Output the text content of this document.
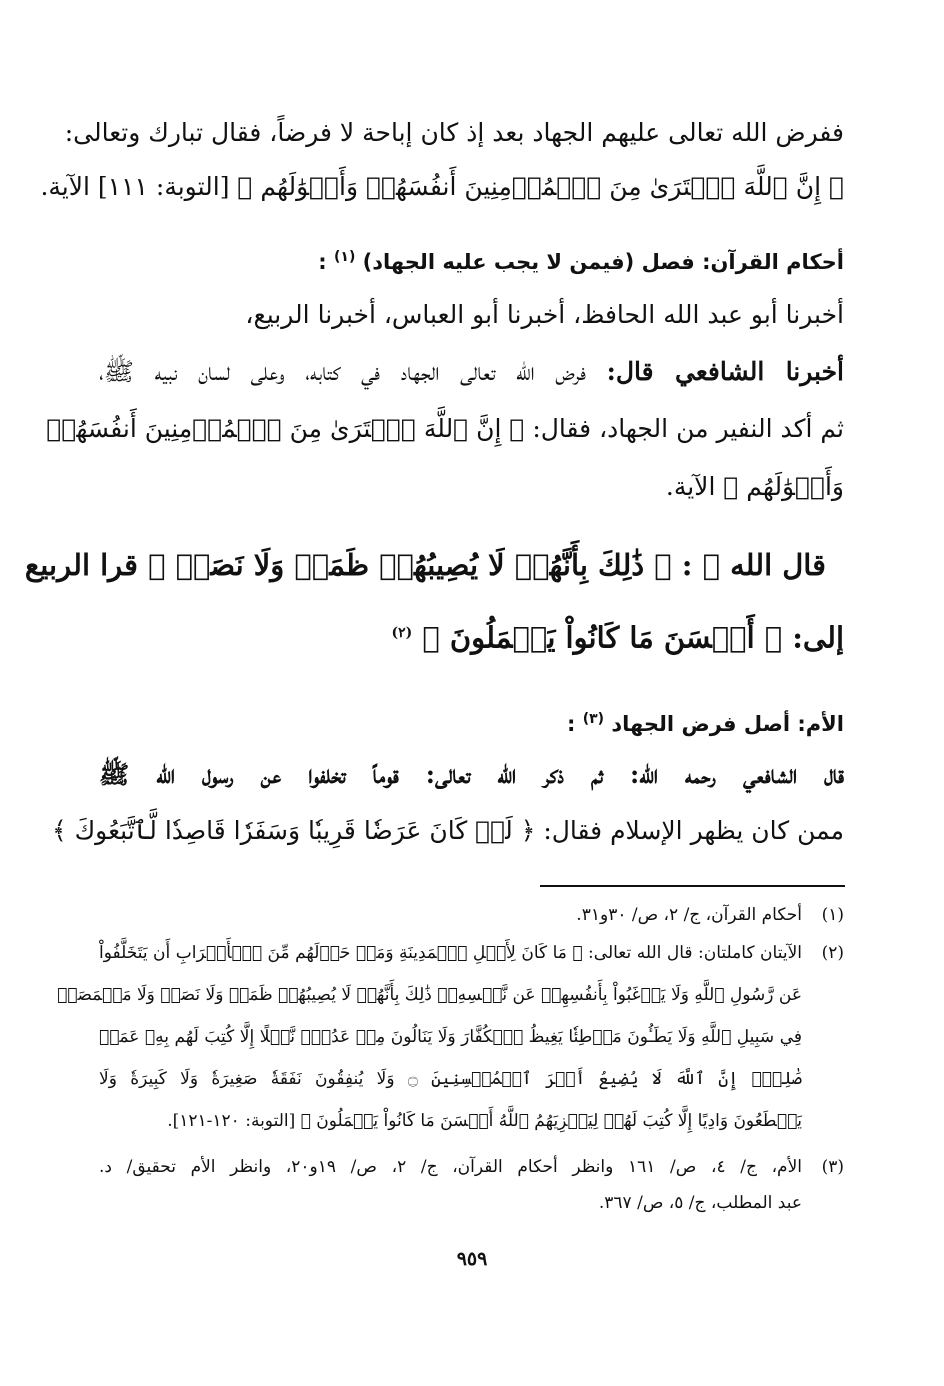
ففرض الله تعالى عليهم الجهاد بعد إذ كان إباحة لا فرضاً، فقال تبارك وتعالى:
﴿ إِنَّ ٱللَّهَ ٱشۡتَرَىٰ مِنَ ٱلۡمُؤۡمِنِينَ أَنفُسَهُمۡ وَأَمۡوَٰلَهُم ﴾ [التوبة: ١١١] الآية.
أحكام القرآن: فصل (فيمن لا يجب عليه الجهاد) $^{(١)}$ :
أخبرنا أبو عبد الله الحافظ، أخبرنا أبو العباس، أخبرنا الربيع،
أخبرنا الشافعي قال: فرض الله تعالى الجهاد في كتابه، وعلى لسان نبيه ﷺ،
ثم أكد النفير من الجهاد، فقال: ﴿ إِنَّ ٱللَّهَ ٱشۡتَرَىٰ مِنَ ٱلۡمُؤۡمِنِينَ أَنفُسَهُمۡ
وَأَمۡوَٰلَهُم ﴾ الآية.
قال الله ﷻ : ﴿ ذَٰلِكَ بِأَنَّهُمۡ لَا يُصِيبُهُمۡ ظَمَأٞ وَلَا نَصَبٞ ﴾ قرا الربيع
إلى: ﴿ أَحۡسَنَ مَا كَانُواْ يَعۡمَلُونَ ﴾ $^{(٢)}$
الأم: أصل فرض الجهاد $^{(٣)}$ :
قال الشافعي رحمه الله: ثم ذكر الله تعالى: قوماً تخلفوا عن رسول الله ﷺ
ممن كان يظهر الإسلام فقال: ﴿ لَوۡ كَانَ عَرَضٗا قَرِيبٗا وَسَفَرٗا قَاصِدٗا لَّٱتَّبَعُوكَ ﴾
(١)أحكام القرآن، ج/ ٢، ص/ ٣٠و٣١.
(٢)الآيتان كاملتان: قال الله تعالى: ﴿ مَا كَانَ لِأَهۡلِ ٱلۡمَدِينَةِ وَمَنۡ حَوۡلَهُم مِّنَ ٱلۡأَعۡرَابِ أَن يَتَخَلَّفُواْ
عَن رَّسُولِ ٱللَّهِ وَلَا يَرۡغَبُواْ بِأَنفُسِهِمۡ عَن نَّفۡسِهِۦۚ ذَٰلِكَ بِأَنَّهُمۡ لَا يُصِيبُهُمۡ ظَمَأٞ وَلَا نَصَبٞ وَلَا مَخۡمَصَةٞ
فِي سَبِيلِ ٱللَّهِ وَلَا يَطَـُٔونَ مَوۡطِئٗا يَغِيظُ ٱلۡكُفَّارَ وَلَا يَنَالُونَ مِنۡ عَدُوّٖ نَّيۡلًا إِلَّا كُتِبَ لَهُم بِهِۦ عَمَلٞ
صَٰلِحٌۚ إِنَّ ٱللَّهَ لَا يُضِيعُ أَجۡرَ ٱلۡمُحۡسِنِينَ ۝ وَلَا يُنفِقُونَ نَفَقَةٗ صَغِيرَةٗ وَلَا كَبِيرَةٗ وَلَا
يَقۡطَعُونَ وَادِيًا إِلَّا كُتِبَ لَهُمۡ لِيَجۡزِيَهُمُ ٱللَّهُ أَحۡسَنَ مَا كَانُواْ يَعۡمَلُونَ ﴾ [التوبة: ١٢٠-١٢١].
(٣)الأم، ج/ ٤، ص/ ١٦١ وانظر أحكام القرآن، ج/ ٢، ص/ ١٩و٢٠، وانظر الأم تحقيق/ د.
عبد المطلب، ج/ ٥، ص/ ٣٦٧.
٩٥٩
